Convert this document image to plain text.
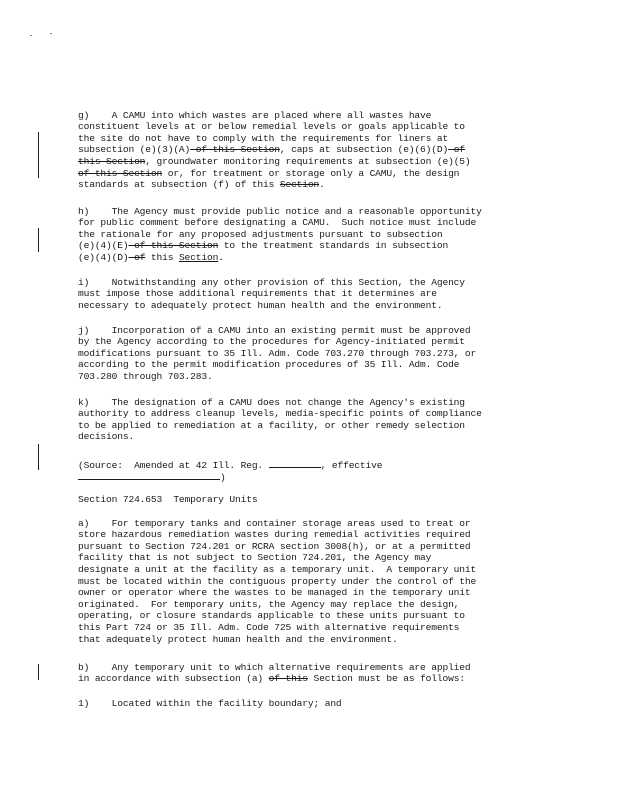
g)    A CAMU into which wastes are placed where all wastes have
constituent levels at or below remedial levels or goals applicable to
the site do not have to comply with the requirements for liners at
subsection (e)(3)(A) of this Section, caps at subsection (e)(6)(D) of
this Section, groundwater monitoring requirements at subsection (e)(5)
of this Section or, for treatment or storage only a CAMU, the design
standards at subsection (f) of this Section.

h)    The Agency must provide public notice and a reasonable opportunity
for public comment before designating a CAMU.  Such notice must include
the rationale for any proposed adjustments pursuant to subsection
(e)(4)(E) of this Section to the treatment standards in subsection
(e)(4)(D) of this Section.

i)    Notwithstanding any other provision of this Section, the Agency
must impose those additional requirements that it determines are
necessary to adequately protect human health and the environment.

j)    Incorporation of a CAMU into an existing permit must be approved
by the Agency according to the procedures for Agency-initiated permit
modifications pursuant to 35 Ill. Adm. Code 703.270 through 703.273, or
according to the permit modification procedures of 35 Ill. Adm. Code
703.280 through 703.283.

k)    The designation of a CAMU does not change the Agency's existing
authority to address cleanup levels, media-specific points of compliance
to be applied to remediation at a facility, or other remedy selection
decisions.

(Source:  Amended at 42 Ill. Reg.	, effective
)

Section 724.653  Temporary Units

a)    For temporary tanks and container storage areas used to treat or
store hazardous remediation wastes during remedial activities required
pursuant to Section 724.201 or RCRA section 3008(h), or at a permitted
facility that is not subject to Section 724.201, the Agency may
designate a unit at the facility as a temporary unit.  A temporary unit
must be located within the contiguous property under the control of the
owner or operator where the wastes to be managed in the temporary unit
originated.  For temporary units, the Agency may replace the design,
operating, or closure standards applicable to these units pursuant to
this Part 724 or 35 Ill. Adm. Code 725 with alternative requirements
that adequately protect human health and the environment.

b)    Any temporary unit to which alternative requirements are applied
in accordance with subsection (a) of this Section must be as follows:

1)    Located within the facility boundary; and
